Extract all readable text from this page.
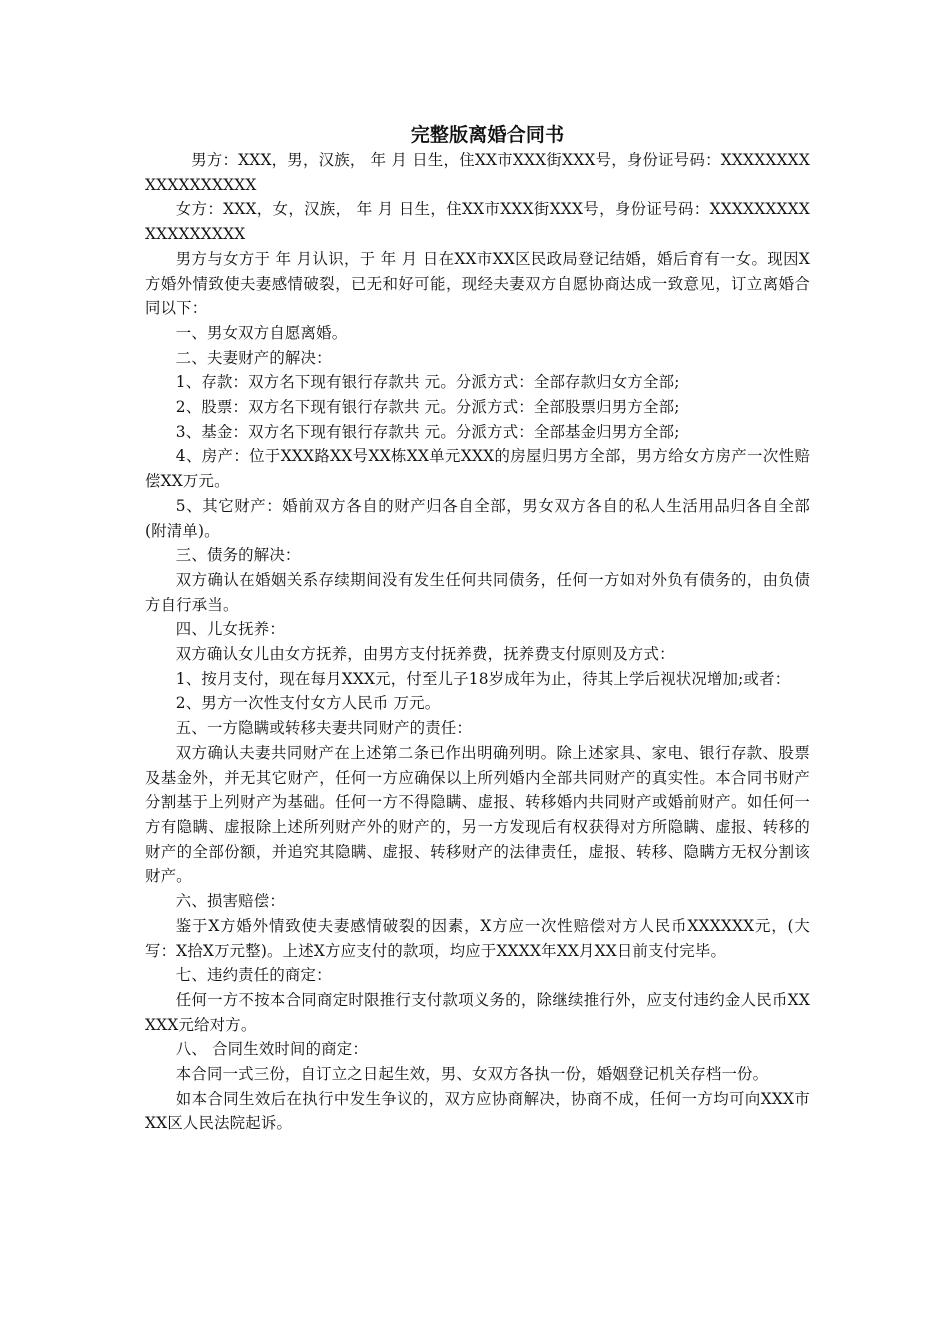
完整版离婚合同书

男方：XXX，男，汉族， 年 月 日生，住XX市XXX街XXX号，身份证号码：XXXXXXXXXXXXXXXXXX

女方：XXX，女，汉族， 年 月 日生，住XX市XXX街XXX号，身份证号码：XXXXXXXXXXXXXXXXXX

男方与女方于 年 月认识，于 年 月 日在XX市XX区民政局登记结婚，婚后育有一女。现因X方婚外情致使夫妻感情破裂，已无和好可能，现经夫妻双方自愿协商达成一致意见，订立离婚合同以下：

一、男女双方自愿离婚。

二、夫妻财产的解决：

1、存款：双方名下现有银行存款共 元。分派方式：全部存款归女方全部;

2、股票：双方名下现有银行存款共 元。分派方式：全部股票归男方全部;

3、基金：双方名下现有银行存款共 元。分派方式：全部基金归男方全部;

4、房产：位于XXX路XX号XX栋XX单元XXX的房屋归男方全部，男方给女方房产一次性赔偿XX万元。

5、其它财产：婚前双方各自的财产归各自全部，男女双方各自的私人生活用品归各自全部(附清单)。

三、债务的解决：

双方确认在婚姻关系存续期间没有发生任何共同债务，任何一方如对外负有债务的，由负债方自行承当。

四、儿女抚养：

双方确认女儿由女方抚养，由男方支付抚养费，抚养费支付原则及方式：

1、按月支付，现在每月XXX元，付至儿子18岁成年为止，待其上学后视状况增加;或者：

2、男方一次性支付女方人民币 万元。

五、一方隐瞒或转移夫妻共同财产的责任：

双方确认夫妻共同财产在上述第二条已作出明确列明。除上述家具、家电、银行存款、股票及基金外，并无其它财产，任何一方应确保以上所列婚内全部共同财产的真实性。本合同书财产分割基于上列财产为基础。任何一方不得隐瞒、虚报、转移婚内共同财产或婚前财产。如任何一方有隐瞒、虚报除上述所列财产外的财产的，另一方发现后有权获得对方所隐瞒、虚报、转移的财产的全部份额，并追究其隐瞒、虚报、转移财产的法律责任，虚报、转移、隐瞒方无权分割该财产。

六、损害赔偿：

鉴于X方婚外情致使夫妻感情破裂的因素，X方应一次性赔偿对方人民币XXXXXX元，(大写：X拾X万元整)。上述X方应支付的款项，均应于XXXX年XX月XX日前支付完毕。

七、违约责任的商定：

任何一方不按本合同商定时限推行支付款项义务的，除继续推行外，应支付违约金人民币XXXXX元给对方。

八、 合同生效时间的商定：

本合同一式三份，自订立之日起生效，男、女双方各执一份，婚姻登记机关存档一份。

如本合同生效后在执行中发生争议的，双方应协商解决，协商不成，任何一方均可向XXX市XX区人民法院起诉。
